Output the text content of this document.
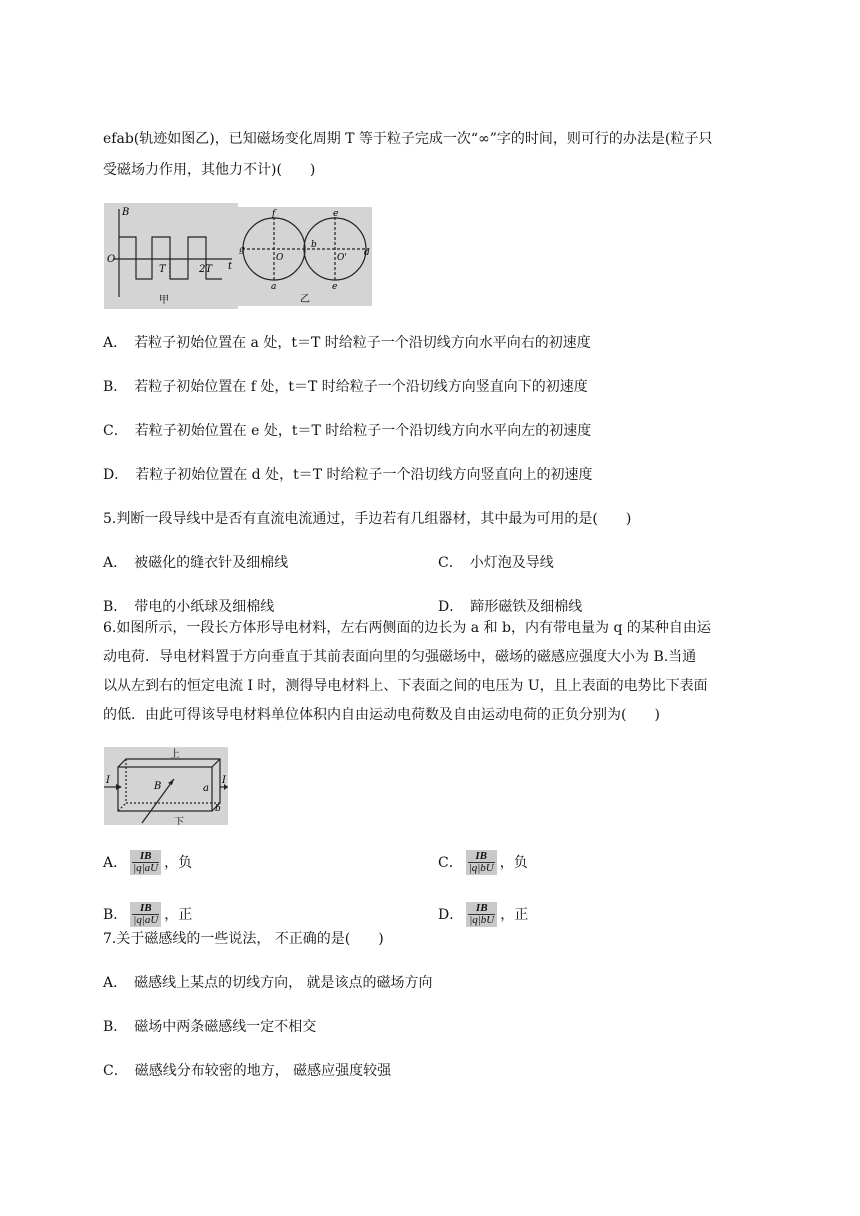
efab(轨迹如图乙)，已知磁场变化周期 T 等于粒子完成一次“∞”字的时间，则可行的办法是(粒子只
受磁场力作用，其他力不计)(　　)
B
t
O
T	2T
甲
f	e
g	b
O	O' d
a	e
乙
A．　若粒子初始位置在 a 处，t＝T 时给粒子一个沿切线方向水平向右的初速度
B．　若粒子初始位置在 f 处，t＝T 时给粒子一个沿切线方向竖直向下的初速度
C．　若粒子初始位置在 e 处，t＝T 时给粒子一个沿切线方向水平向左的初速度
D．　若粒子初始位置在 d 处，t＝T 时给粒子一个沿切线方向竖直向上的初速度
5.判断一段导线中是否有直流电流通过，手边若有几组器材，其中最为可用的是(　　)
A．　被磁化的缝衣针及细棉线	C．　小灯泡及导线
B．　带电的小纸球及细棉线	D．　蹄形磁铁及细棉线
6.如图所示，一段长方体形导电材料，左右两侧面的边长为 a 和 b，内有带电量为 q 的某种自由运
动电荷．导电材料置于方向垂直于其前表面向里的匀强磁场中，磁场的磁感应强度大小为 B.当通
以从左到右的恒定电流 I 时，测得导电材料上、下表面之间的电压为 U，且上表面的电势比下表面
的低．由此可得该导电材料单位体积内自由运动电荷数及自由运动电荷的正负分别为(　　)
上
下
I	I
B	a
b
A． $\frac{IB}{|q|aU}$ ，负	C． $\frac{IB}{|q|bU}$ ，负
B． $\frac{IB}{|q|aU}$ ，正	D． $\frac{IB}{|q|bU}$ ，正
7.关于磁感线的一些说法， 不正确的是(　　)
A．　磁感线上某点的切线方向， 就是该点的磁场方向
B．　磁场中两条磁感线一定不相交
C．　磁感线分布较密的地方， 磁感应强度较强
